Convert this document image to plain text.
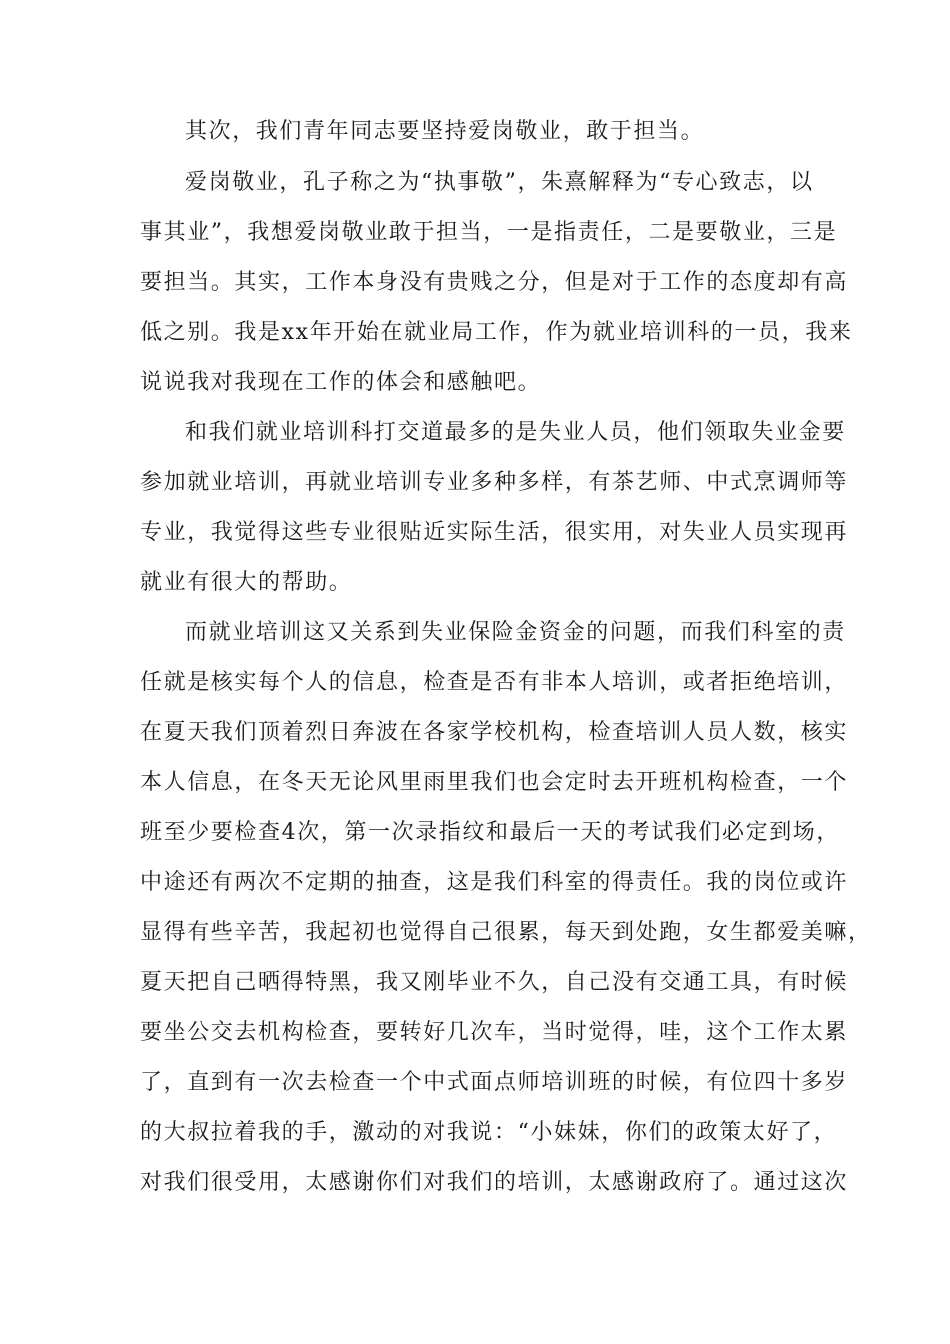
其次，我们青年同志要坚持爱岗敬业，敢于担当。
爱岗敬业，孔子称之为“执事敬”，朱熹解释为“专心致志，以
事其业”，我想爱岗敬业敢于担当，一是指责任，二是要敬业，三是
要担当。其实，工作本身没有贵贱之分，但是对于工作的态度却有高
低之别。我是xx年开始在就业局工作，作为就业培训科的一员，我来
说说我对我现在工作的体会和感触吧。
和我们就业培训科打交道最多的是失业人员，他们领取失业金要
参加就业培训，再就业培训专业多种多样，有茶艺师、中式烹调师等
专业，我觉得这些专业很贴近实际生活，很实用，对失业人员实现再
就业有很大的帮助。
而就业培训这又关系到失业保险金资金的问题，而我们科室的责
任就是核实每个人的信息，检查是否有非本人培训，或者拒绝培训，
在夏天我们顶着烈日奔波在各家学校机构，检查培训人员人数，核实
本人信息，在冬天无论风里雨里我们也会定时去开班机构检查，一个
班至少要检查4次，第一次录指纹和最后一天的考试我们必定到场，
中途还有两次不定期的抽查，这是我们科室的得责任。我的岗位或许
显得有些辛苦，我起初也觉得自己很累，每天到处跑，女生都爱美嘛，
夏天把自己晒得特黑，我又刚毕业不久，自己没有交通工具，有时候
要坐公交去机构检查，要转好几次车，当时觉得，哇，这个工作太累
了，直到有一次去检查一个中式面点师培训班的时候，有位四十多岁
的大叔拉着我的手，激动的对我说：“小妹妹，你们的政策太好了，
对我们很受用，太感谢你们对我们的培训，太感谢政府了。通过这次
